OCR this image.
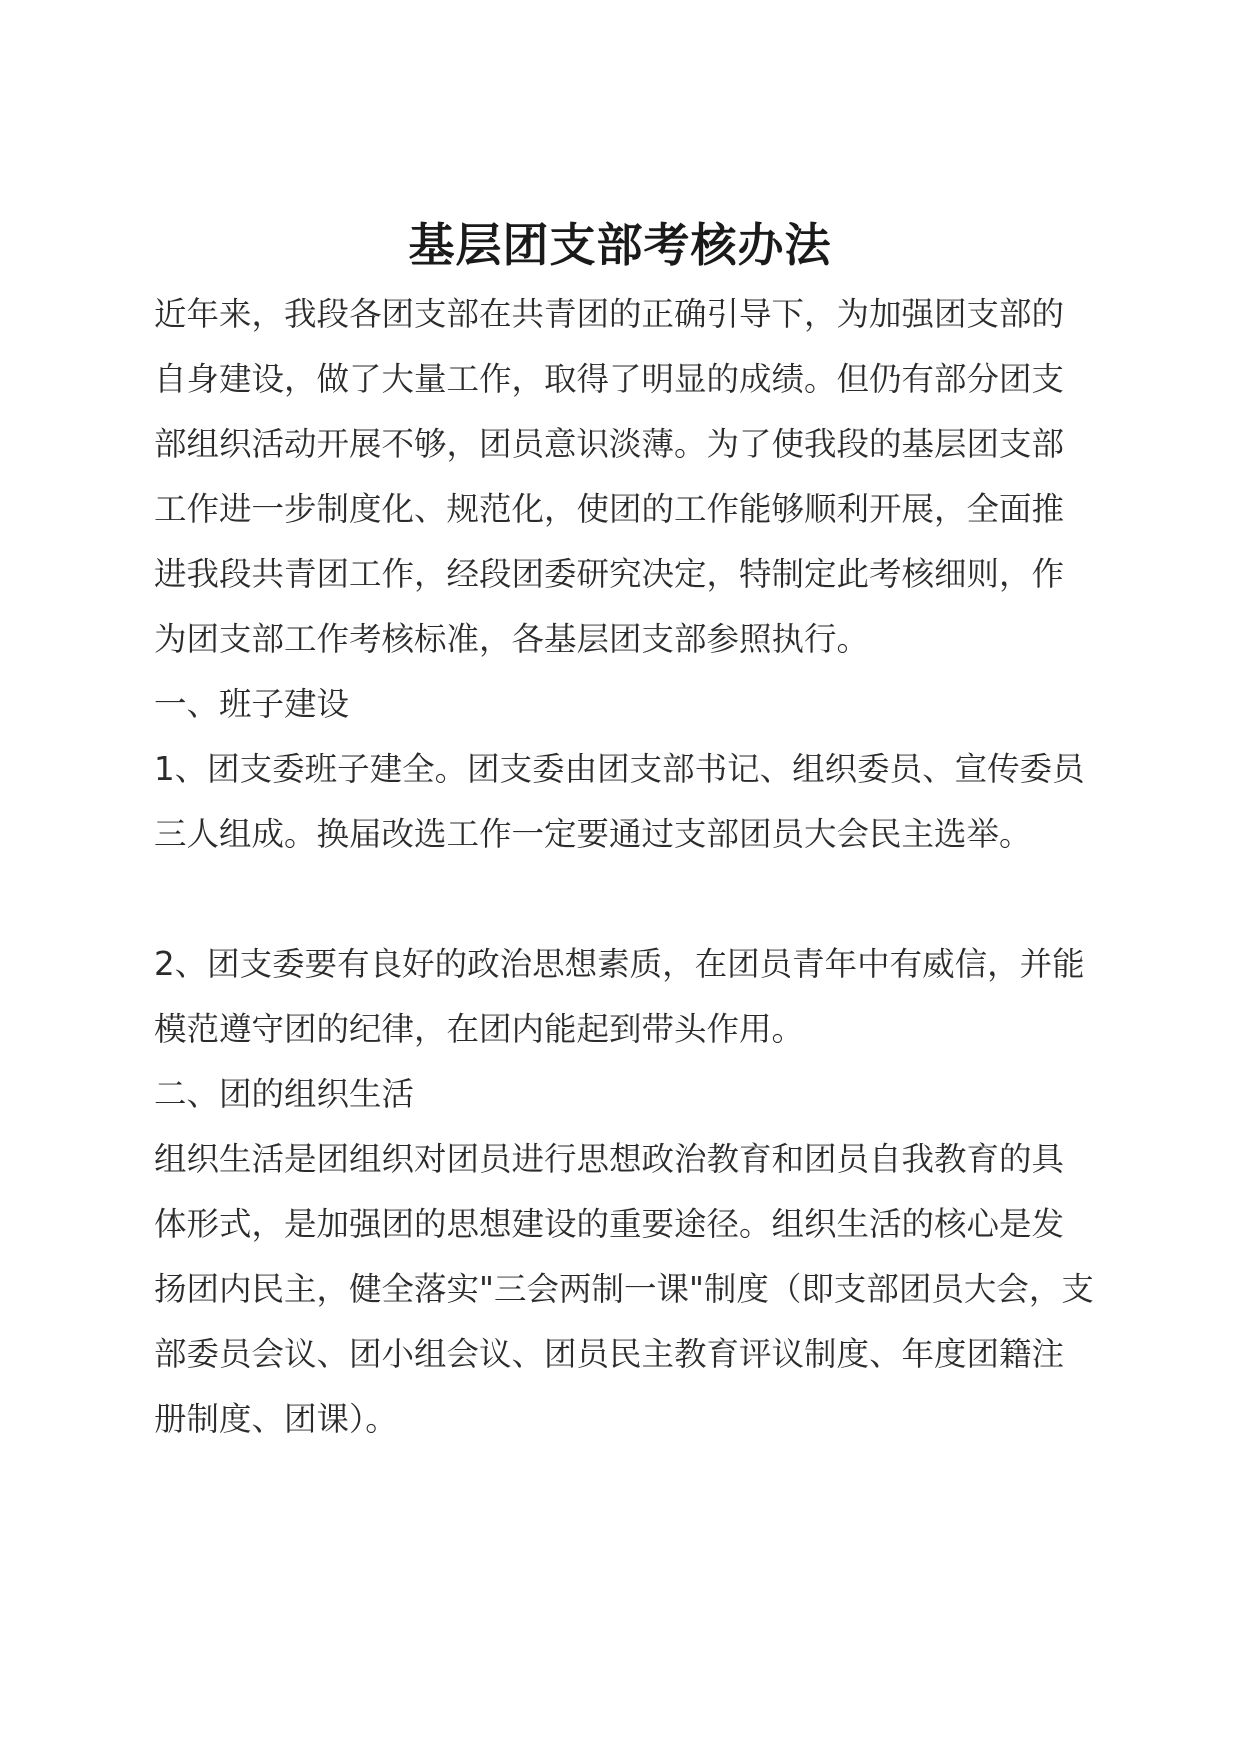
基层团支部考核办法

近年来，我段各团支部在共青团的正确引导下，为加强团支部的自身建设，做了大量工作，取得了明显的成绩。但仍有部分团支部组织活动开展不够，团员意识淡薄。为了使我段的基层团支部工作进一步制度化、规范化，使团的工作能够顺利开展，全面推进我段共青团工作，经段团委研究决定，特制定此考核细则，作为团支部工作考核标准，各基层团支部参照执行。

一、班子建设

1、团支委班子建全。团支委由团支部书记、组织委员、宣传委员三人组成。换届改选工作一定要通过支部团员大会民主选举。

2、团支委要有良好的政治思想素质，在团员青年中有威信，并能模范遵守团的纪律，在团内能起到带头作用。

二、团的组织生活

组织生活是团组织对团员进行思想政治教育和团员自我教育的具体形式，是加强团的思想建设的重要途径。组织生活的核心是发扬团内民主，健全落实"三会两制一课"制度（即支部团员大会，支部委员会议、团小组会议、团员民主教育评议制度、年度团籍注册制度、团课）。
